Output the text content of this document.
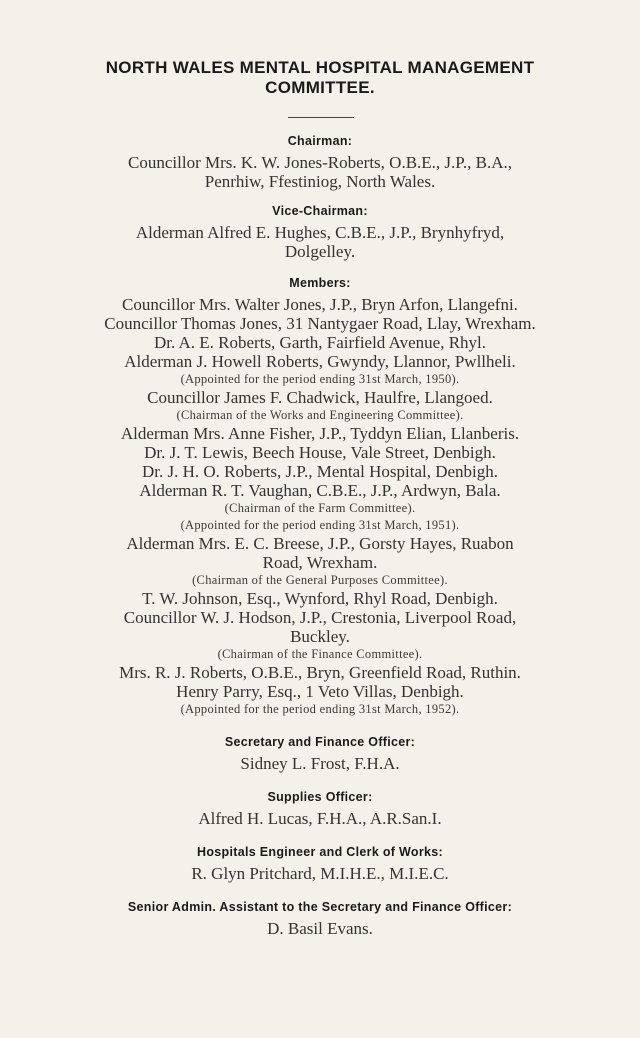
NORTH WALES MENTAL HOSPITAL MANAGEMENT
COMMITTEE.
Chairman:
Councillor Mrs. K. W. Jones-Roberts, O.B.E., J.P., B.A.,
Penrhiw, Ffestiniog, North Wales.
Vice-Chairman:
Alderman Alfred E. Hughes, C.B.E., J.P., Brynhyfryd,
Dolgelley.
Members:
Councillor Mrs. Walter Jones, J.P., Bryn Arfon, Llangefni.
Councillor Thomas Jones, 31 Nantygaer Road, Llay, Wrexham.
Dr. A. E. Roberts, Garth, Fairfield Avenue, Rhyl.
Alderman J. Howell Roberts, Gwyndy, Llannor, Pwllheli.
(Appointed for the period ending 31st March, 1950).
Councillor James F. Chadwick, Haulfre, Llangoed.
(Chairman of the Works and Engineering Committee).
Alderman Mrs. Anne Fisher, J.P., Tyddyn Elian, Llanberis.
Dr. J. T. Lewis, Beech House, Vale Street, Denbigh.
Dr. J. H. O. Roberts, J.P., Mental Hospital, Denbigh.
Alderman R. T. Vaughan, C.B.E., J.P., Ardwyn, Bala.
(Chairman of the Farm Committee).
(Appointed for the period ending 31st March, 1951).
Alderman Mrs. E. C. Breese, J.P., Gorsty Hayes, Ruabon
Road, Wrexham.
(Chairman of the General Purposes Committee).
T. W. Johnson, Esq., Wynford, Rhyl Road, Denbigh.
Councillor W. J. Hodson, J.P., Crestonia, Liverpool Road,
Buckley.
(Chairman of the Finance Committee).
Mrs. R. J. Roberts, O.B.E., Bryn, Greenfield Road, Ruthin.
Henry Parry, Esq., 1 Veto Villas, Denbigh.
(Appointed for the period ending 31st March, 1952).
Secretary and Finance Officer:
Sidney L. Frost, F.H.A.
Supplies Officer:
Alfred H. Lucas, F.H.A., A.R.San.I.
Hospitals Engineer and Clerk of Works:
R. Glyn Pritchard, M.I.H.E., M.I.E.C.
Senior Admin. Assistant to the Secretary and Finance Officer:
D. Basil Evans.
